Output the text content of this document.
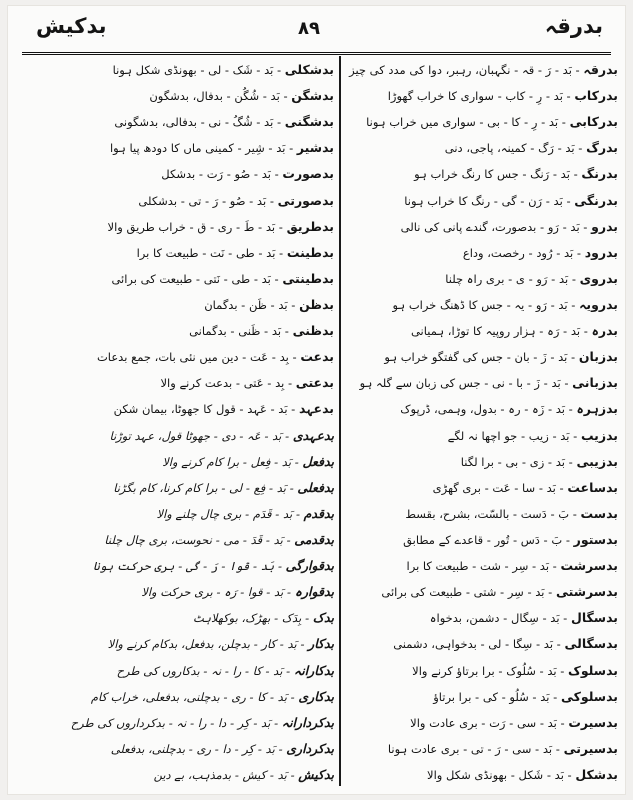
بدرقہ
۸۹
بدکیش
بدرقہ - بَد - رَ - قہ - نگہبان، رہبر، دوا کی مدد کی چیز
بدرکاب - بَد - رِ - کاب - سواری کا خراب گھوڑا
بدرکابی - بَد - رِ - کا - بی - سواری میں خراب ہونا
بدرگ - بَد - رَگ - کمینہ، پاجی، دنی
بدرنگ - بَد - رَنگ - جس کا رنگ خراب ہو
بدرنگی - بَد - رَن - گی - رنگ کا خراب ہونا
بدرو - بَد - رَو - بدصورت، گندے پانی کی نالی
بدرود - بَد - رُود - رخصت، وداع
بدروی - بَد - رَو - ی - بری راہ چلنا
بدرویہ - بَد - رَو - یہ - جس کا ڈھنگ خراب ہو
بدرہ - بَد - رَہ - ہزار روپیہ کا توڑا، ہمیانی
بدزبان - بَد - زَ - بان - جس کی گفتگو خراب ہو
بدزبانی - بَد - زَ - با - نی - جس کی زبان سے گلہ ہو
بدزہرہ - بَد - زَہ - رہ - بدول، وہمی، ڈرپوک
بدزیب - بَد - زیب - جو اچھا نہ لگے
بدزیبی - بَد - زی - بی - برا لگنا
بدساعت - بَد - سا - عَت - بری گھڑی
بدست - بَ - دَست - بالسّت، بشرح، بقسط
بدستور - بَ - دَس - تُور - قاعدے کے مطابق
بدسرشت - بَد - سِر - شت - طبیعت کا برا
بدسرشتی - بَد - سِر - شتی - طبیعت کی برائی
بدسگال - بَد - سِگال - دشمن، بدخواہ
بدسگالی - بَد - سِگا - لی - بدخواہی، دشمنی
بدسلوک - بَد - سُلُوک - برا برتاؤ کرنے والا
بدسلوکی - بَد - سُلُو - کی - برا برتاؤ
بدسیرت - بَد - سی - رَت - بری عادت والا
بدسیرتی - بَد - سی - رَ - تی - بری عادت ہونا
بدشکل - بَد - شَکل - بھونڈی شکل والا
بدشکلی - بَد - شَک - لی - بھونڈی شکل ہونا
بدشگن - بَد - شُگُن - بدفال، بدشگون
بدشگنی - بَد - شُگُ - نی - بدفالی، بدشگونی
بدشیر - بَد - شِیر - کمینی ماں کا دودھ پیا ہوا
بدصورت - بَد - صُو - رَت - بدشکل
بدصورتی - بَد - صُو - رَ - تی - بدشکلی
بدطریق - بَد - طَ - ری - ق - خراب طریق والا
بدطینت - بَد - طی - نَت - طبیعت کا برا
بدطینتی - بَد - طی - نَتی - طبیعت کی برائی
بدظن - بَد - ظَن - بدگمان
بدظنی - بَد - ظَنی - بدگمانی
بدعت - بِد - عَت - دین میں نئی بات، جمع بدعات
بدعتی - بِد - عَتی - بدعت کرنے والا
بدعہد - بَد - عَہد - قول کا جھوٹا، بیمان شکن
بدعہدی - بَد - عَہ - دی - جھوٹا قول، عہد توڑنا
بدفعل - بَد - فِعل - برا کام کرنے والا
بدفعلی - بَد - فِع - لی - برا کام کرنا، کام بگڑنا
بدقدم - بَد - قَدَم - بری چال چلنے والا
بدقدمی - بَد - قَدَ - می - نحوست، بری چال چلنا
بدقوارگی - بَد - قوا - رَ - گی - بری حرکت ہونا
بدقوارہ - بَد - قوا - رَہ - بری حرکت والا
بدک - بِدَک - بھڑک، بوکھلاہٹ
بدکار - بَد - کار - بدچلن، بدفعل، بدکام کرنے والا
بدکارانہ - بَد - کا - را - نہ - بدکاروں کی طرح
بدکاری - بَد - کا - ری - بدچلنی، بدفعلی، خراب کام
بدکردارانہ - بَد - کِر - دا - را - نہ - بدکرداروں کی طرح
بدکرداری - بَد - کِر - دا - ری - بدچلنی، بدفعلی
بدکیش - بَد - کیش - بدمذہب، بے دین
